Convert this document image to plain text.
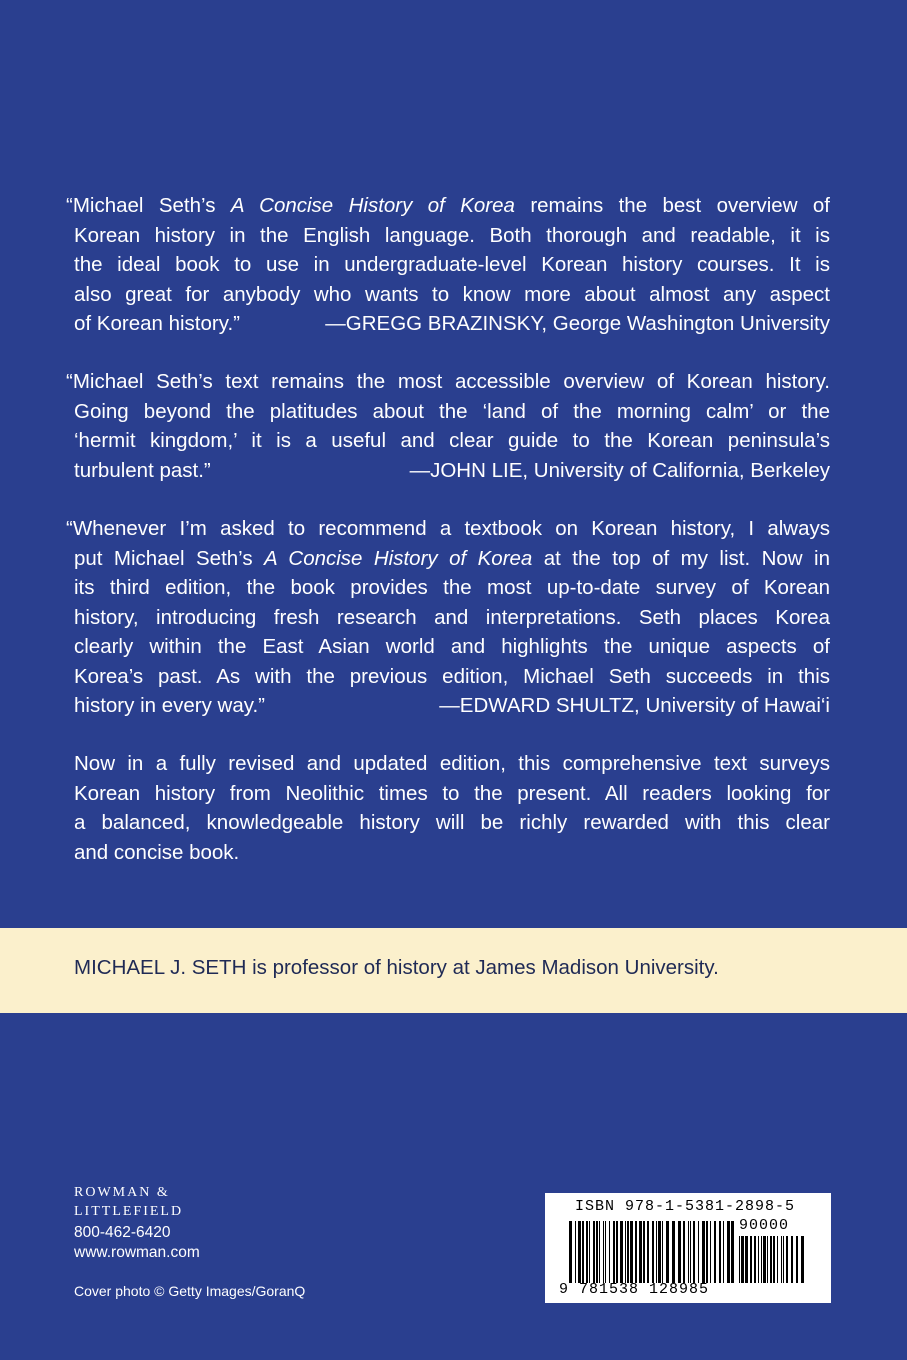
“Michael Seth’s A Concise History of Korea remains the best overview of
Korean history in the English language. Both thorough and readable, it is
the ideal book to use in undergraduate-level Korean history courses. It is
also great for anybody who wants to know more about almost any aspect
of Korean history.”	—GREGG BRAZINSKY, George Washington University
“Michael Seth’s text remains the most accessible overview of Korean history.
Going beyond the platitudes about the ‘land of the morning calm’ or the
‘hermit kingdom,’ it is a useful and clear guide to the Korean peninsula’s
turbulent past.”	—JOHN LIE, University of California, Berkeley
“Whenever I’m asked to recommend a textbook on Korean history, I always
put Michael Seth’s A Concise History of Korea at the top of my list. Now in
its third edition, the book provides the most up-to-date survey of Korean
history, introducing fresh research and interpretations. Seth places Korea
clearly within the East Asian world and highlights the unique aspects of
Korea’s past. As with the previous edition, Michael Seth succeeds in this
history in every way.”	—EDWARD SHULTZ, University of Hawai‘i
Now in a fully revised and updated edition, this comprehensive text surveys
Korean history from Neolithic times to the present. All readers looking for
a balanced, knowledgeable history will be richly rewarded with this clear
and concise book.
MICHAEL J. SETH is professor of history at James Madison University.
ROWMAN &
LITTLEFIELD
800-462-6420
www.rowman.com
Cover photo © Getty Images/GoranQ
ISBN 978-1-5381-2898-5
90000
9 781538 128985
